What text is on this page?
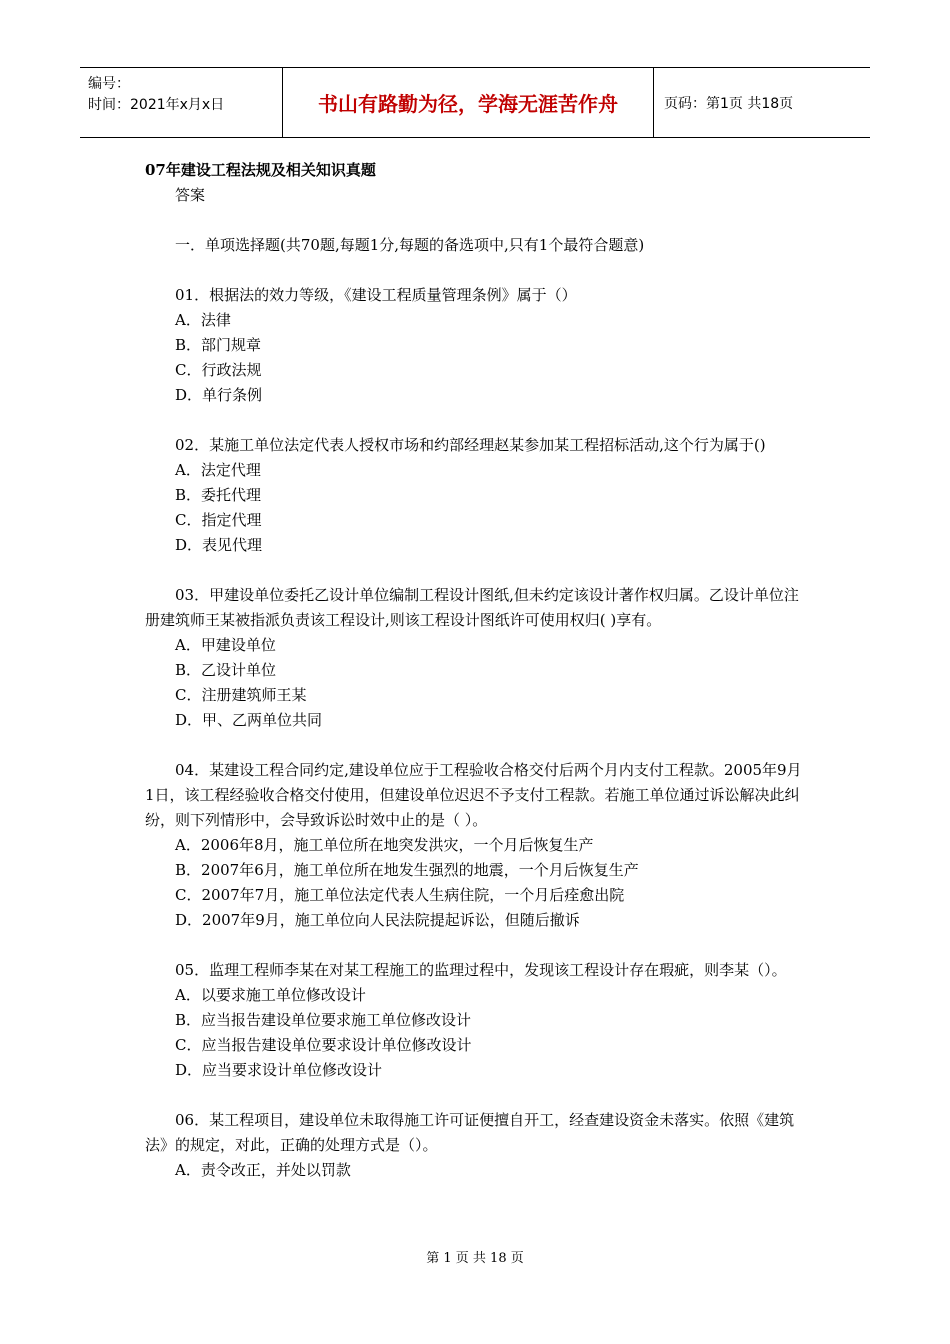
编号：
时间：2021年x月x日	书山有路勤为径，学海无涯苦作舟	页码：第1页 共18页

07年建设工程法规及相关知识真题

答案

一．单项选择题(共70题,每题1分,每题的备选项中,只有1个最符合题意)

01．根据法的效力等级，《建设工程质量管理条例》属于（）

A．法律
B．部门规章
C．行政法规
D．单行条例

02．某施工单位法定代表人授权市场和约部经理赵某参加某工程招标活动,这个行为属于()

A．法定代理
B．委托代理
C．指定代理
D．表见代理

03．甲建设单位委托乙设计单位编制工程设计图纸,但未约定该设计著作权归属。乙设计单位注册建筑师王某被指派负责该工程设计,则该工程设计图纸许可使用权归( )享有。

A．甲建设单位
B．乙设计单位
C．注册建筑师王某
D．甲、乙两单位共同

04．某建设工程合同约定,建设单位应于工程验收合格交付后两个月内支付工程款。2005年9月1日，该工程经验收合格交付使用，但建设单位迟迟不予支付工程款。若施工单位通过诉讼解决此纠纷，则下列情形中，会导致诉讼时效中止的是（ ）。

A．2006年8月，施工单位所在地突发洪灾，一个月后恢复生产
B．2007年6月，施工单位所在地发生强烈的地震，一个月后恢复生产
C．2007年7月，施工单位法定代表人生病住院，一个月后痊愈出院
D．2007年9月，施工单位向人民法院提起诉讼，但随后撤诉

05．监理工程师李某在对某工程施工的监理过程中，发现该工程设计存在瑕疵，则李某（）。

A．以要求施工单位修改设计
B．应当报告建设单位要求施工单位修改设计
C．应当报告建设单位要求设计单位修改设计
D．应当要求设计单位修改设计

06．某工程项目，建设单位未取得施工许可证便擅自开工，经查建设资金未落实。依照《建筑法》的规定，对此，正确的处理方式是（）。

A．责令改正，并处以罚款
第 1 页 共 18 页
